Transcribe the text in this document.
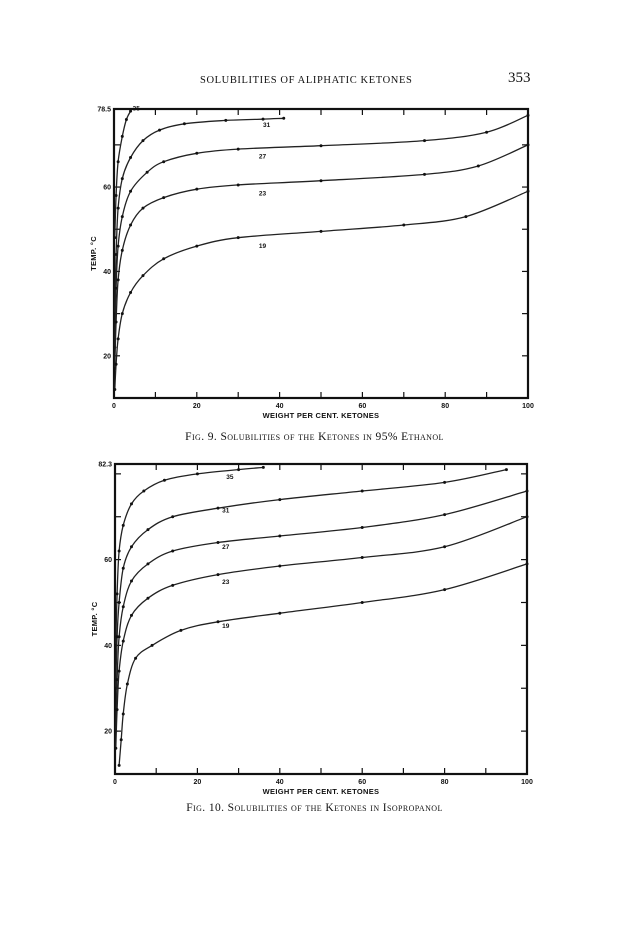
SOLUBILITIES OF ALIPHATIC KETONES	353
0	20	40	60	80	100
20
40
60
78.5
WEIGHT PER CENT. KETONES
TEMP. °C
35
31
27
23
19
0	20	40	60	80	100
20
40
60
82.3
WEIGHT PER CENT. KETONES
TEMP. °C
35
31
27
23
19
Fig. 9. Solubilities of the Ketones in 95% Ethanol
Fig. 10. Solubilities of the Ketones in Isopropanol
